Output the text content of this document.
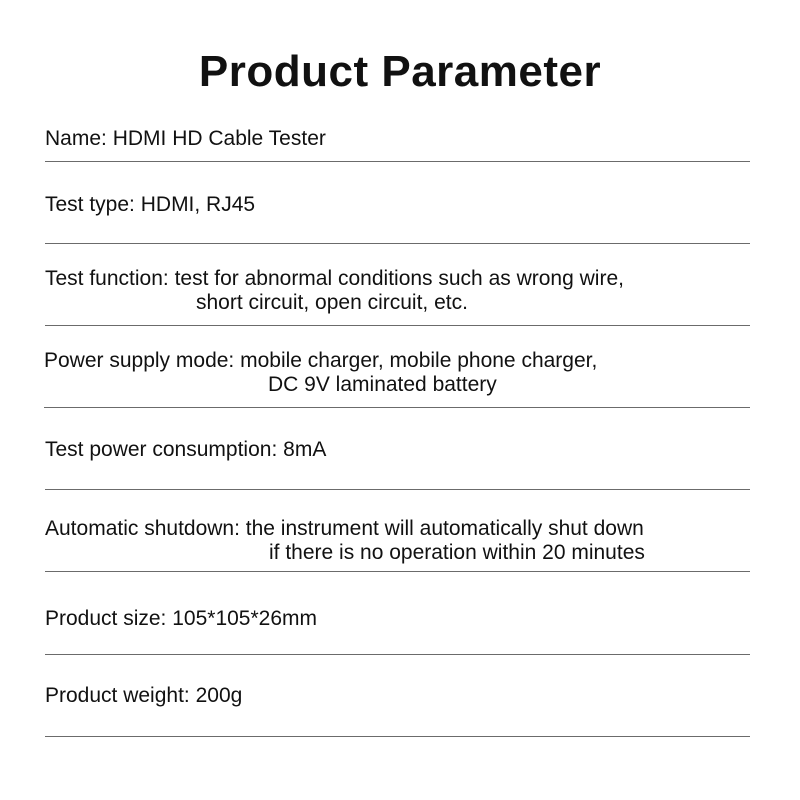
Product Parameter
Name: HDMI HD Cable Tester
Test type: HDMI, RJ45
Test function: test for abnormal conditions such as wrong wire,
short circuit, open circuit, etc.
Power supply mode: mobile charger, mobile phone charger,
DC 9V laminated battery
Test power consumption: 8mA
Automatic shutdown: the instrument will automatically shut down
if there is no operation within 20 minutes
Product size: 105*105*26mm
Product weight: 200g
